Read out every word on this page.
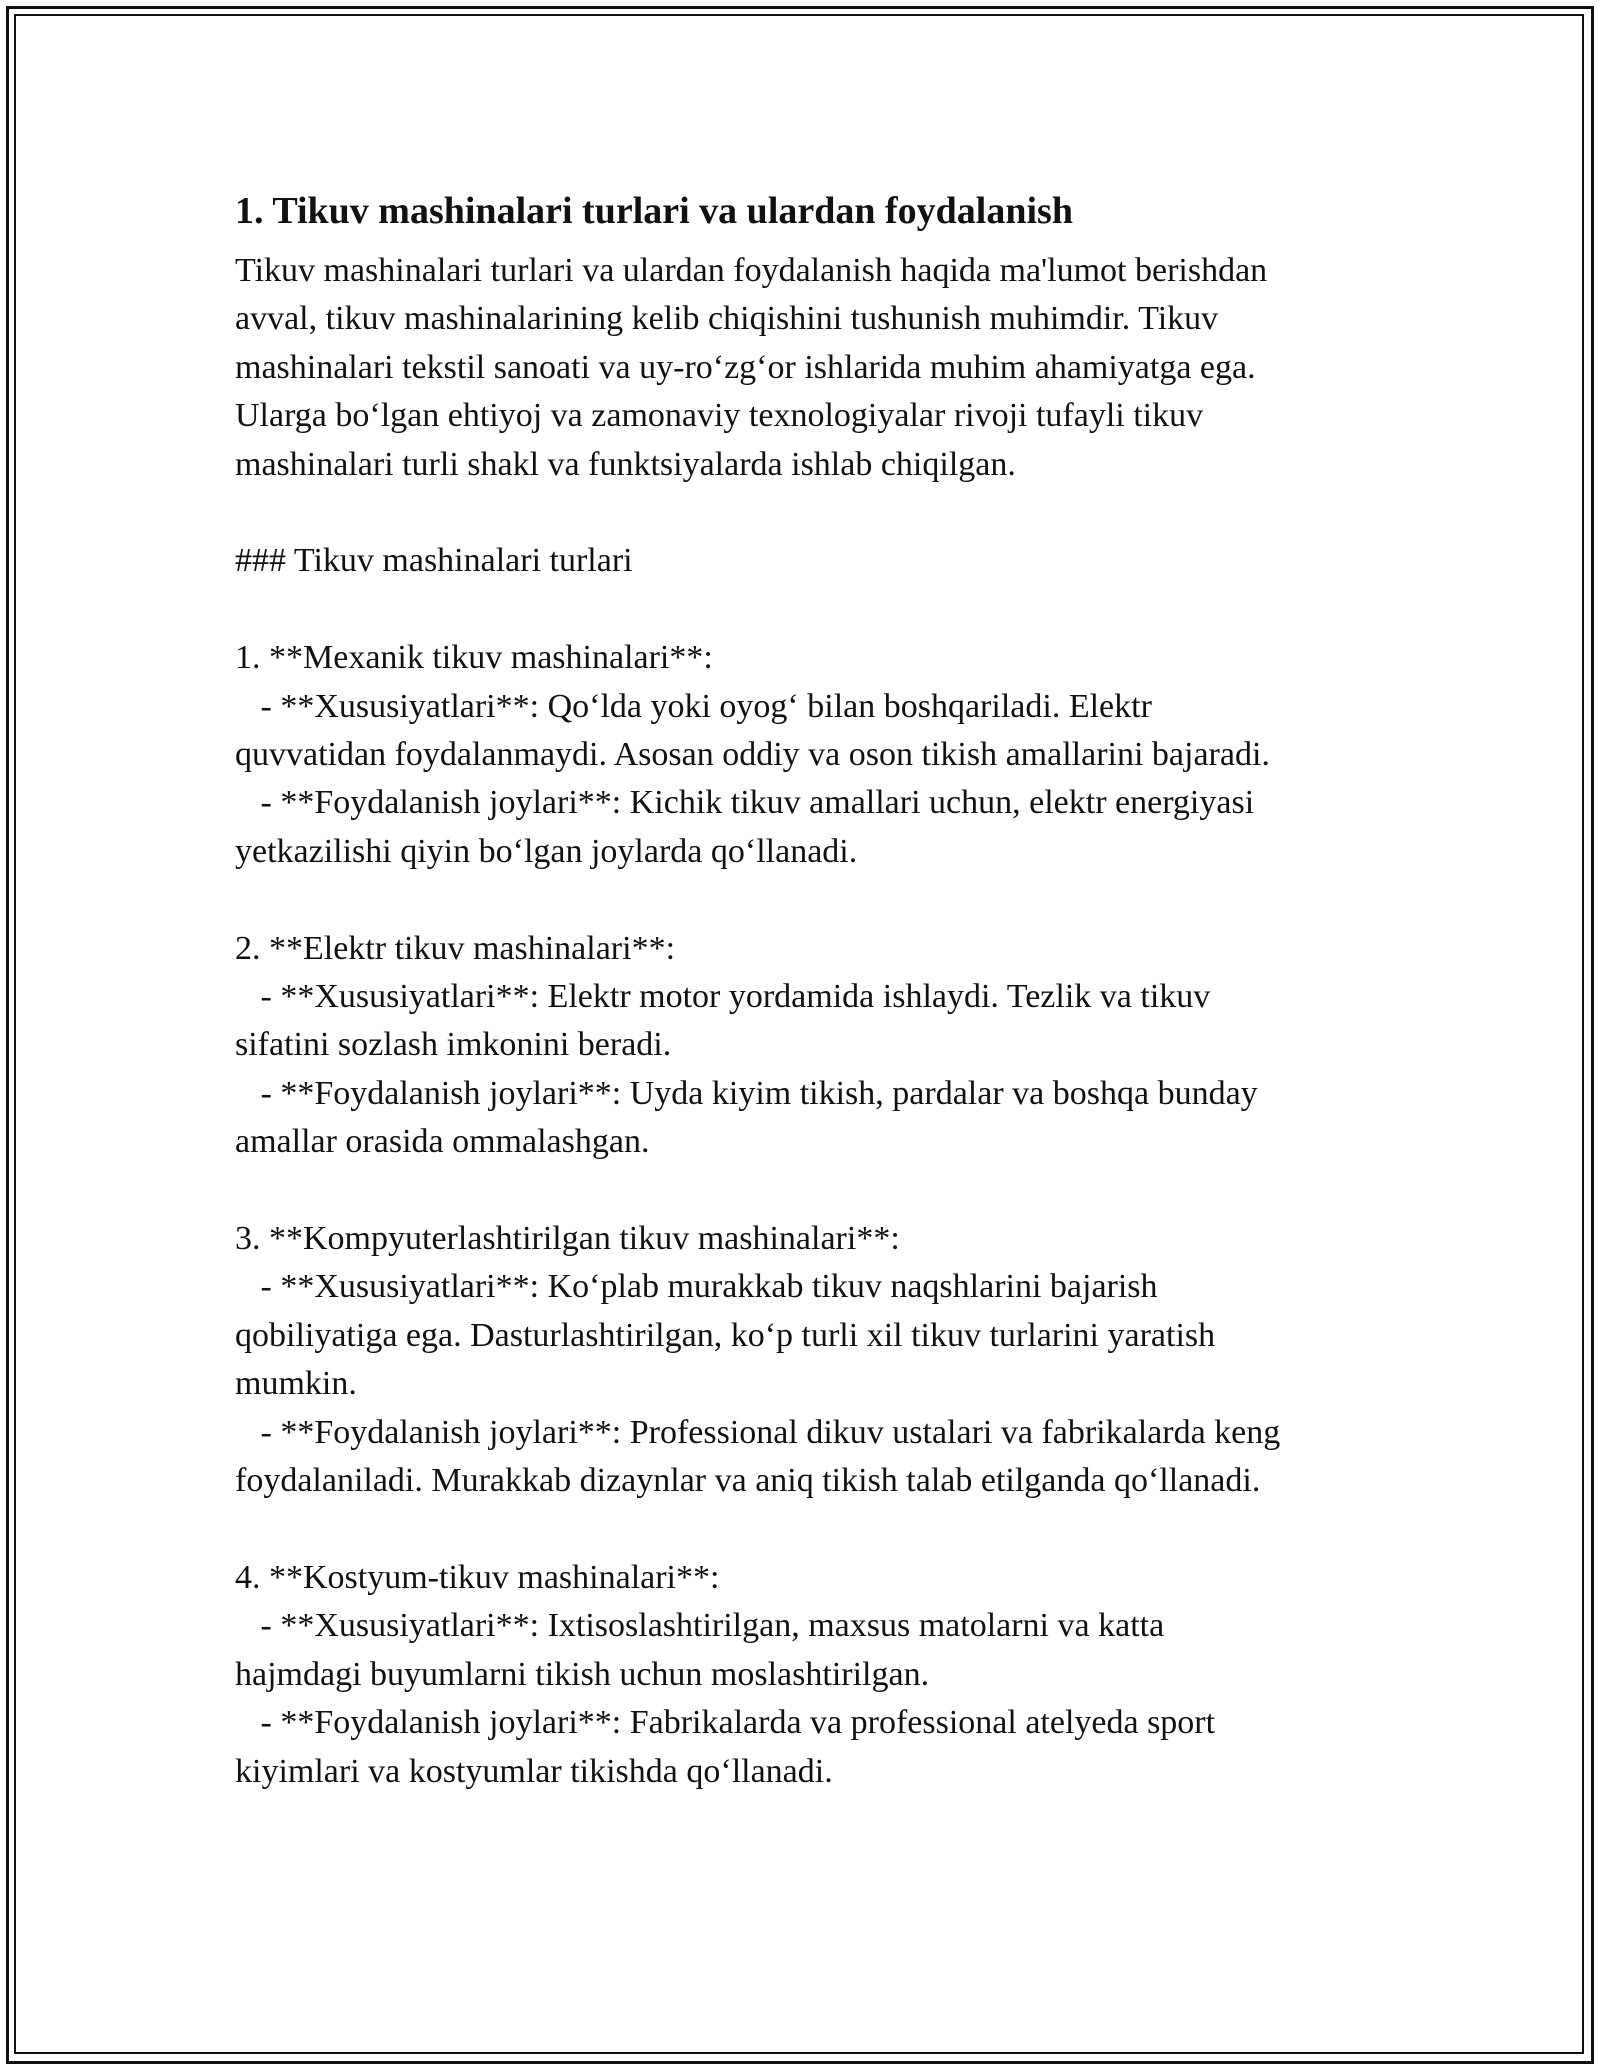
1. Tikuv mashinalari turlari va ulardan foydalanish
Tikuv mashinalari turlari va ulardan foydalanish haqida ma'lumot berishdan
avval, tikuv mashinalarining kelib chiqishini tushunish muhimdir. Tikuv
mashinalari tekstil sanoati va uy-ro‘zg‘or ishlarida muhim ahamiyatga ega.
Ularga bo‘lgan ehtiyoj va zamonaviy texnologiyalar rivoji tufayli tikuv
mashinalari turli shakl va funktsiyalarda ishlab chiqilgan.
### Tikuv mashinalari turlari
1. **Mexanik tikuv mashinalari**:
- **Xususiyatlari**: Qo‘lda yoki oyog‘ bilan boshqariladi. Elektr
quvvatidan foydalanmaydi. Asosan oddiy va oson tikish amallarini bajaradi.
- **Foydalanish joylari**: Kichik tikuv amallari uchun, elektr energiyasi
yetkazilishi qiyin bo‘lgan joylarda qo‘llanadi.
2. **Elektr tikuv mashinalari**:
- **Xususiyatlari**: Elektr motor yordamida ishlaydi. Tezlik va tikuv
sifatini sozlash imkonini beradi.
- **Foydalanish joylari**: Uyda kiyim tikish, pardalar va boshqa bunday
amallar orasida ommalashgan.
3. **Kompyuterlashtirilgan tikuv mashinalari**:
- **Xususiyatlari**: Ko‘plab murakkab tikuv naqshlarini bajarish
qobiliyatiga ega. Dasturlashtirilgan, ko‘p turli xil tikuv turlarini yaratish
mumkin.
- **Foydalanish joylari**: Professional dikuv ustalari va fabrikalarda keng
foydalaniladi. Murakkab dizaynlar va aniq tikish talab etilganda qo‘llanadi.
4. **Kostyum-tikuv mashinalari**:
- **Xususiyatlari**: Ixtisoslashtirilgan, maxsus matolarni va katta
hajmdagi buyumlarni tikish uchun moslashtirilgan.
- **Foydalanish joylari**: Fabrikalarda va professional atelyeda sport
kiyimlari va kostyumlar tikishda qo‘llanadi.
